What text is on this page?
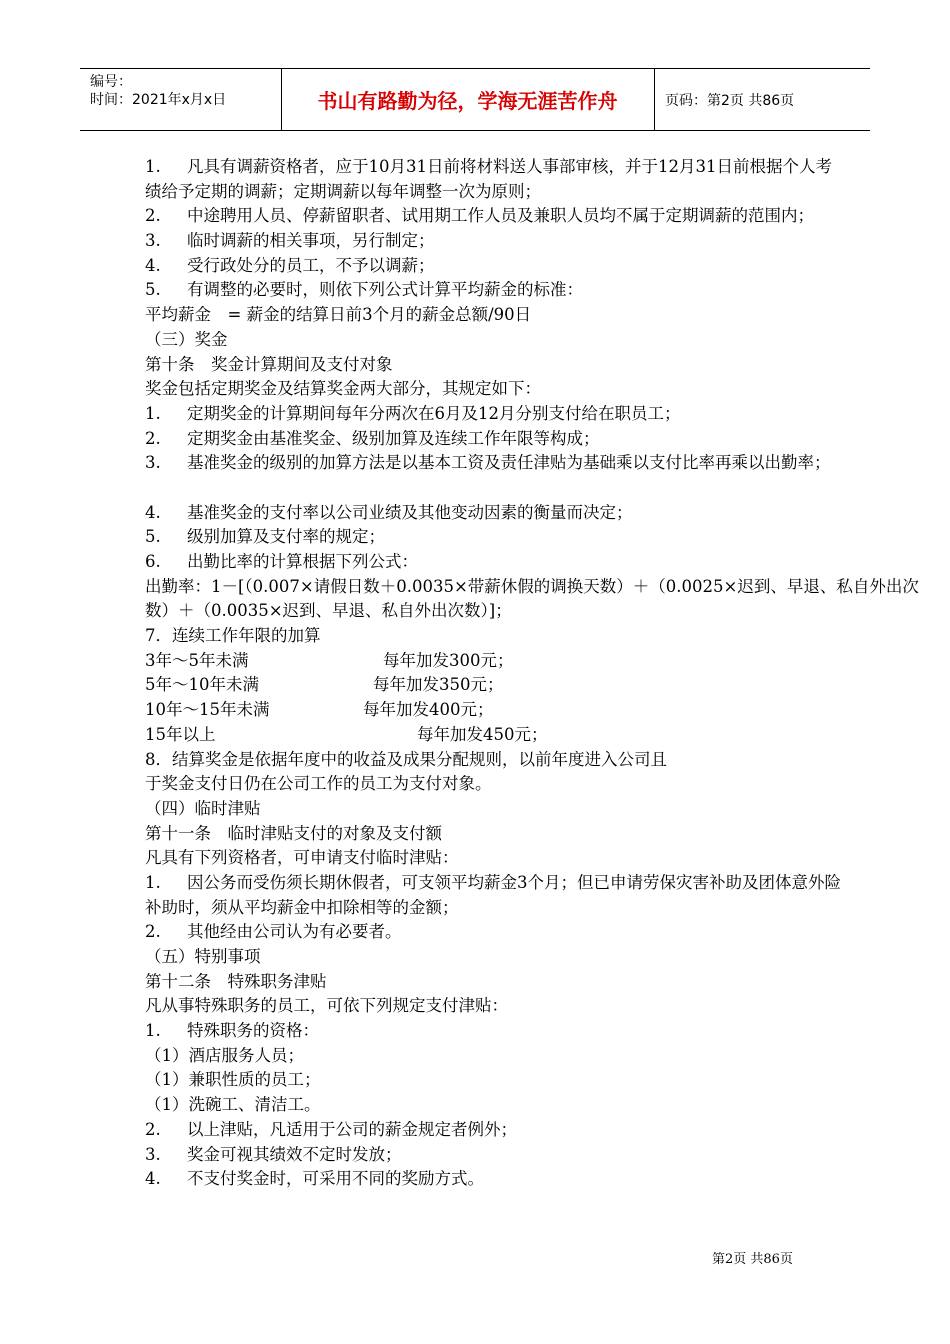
编号：
时间：2021年x月x日	书山有路勤为径，学海无涯苦作舟	页码：第2页 共86页
1. 凡具有调薪资格者，应于10月31日前将材料送人事部审核，并于12月31日前根据个人考
绩给予定期的调薪；定期调薪以每年调整一次为原则；
2. 中途聘用人员、停薪留职者、试用期工作人员及兼职人员均不属于定期调薪的范围内；
3. 临时调薪的相关事项，另行制定；
4. 受行政处分的员工，不予以调薪；
5. 有调整的必要时，则依下列公式计算平均薪金的标准：
平均薪金　= 薪金的结算日前3个月的薪金总额/90日
（三）奖金
第十条　奖金计算期间及支付对象
奖金包括定期奖金及结算奖金两大部分，其规定如下：
1. 定期奖金的计算期间每年分两次在6月及12月分别支付给在职员工；
2. 定期奖金由基准奖金、级别加算及连续工作年限等构成；
3. 基准奖金的级别的加算方法是以基本工资及责任津贴为基础乘以支付比率再乘以出勤率；
4. 基准奖金的支付率以公司业绩及其他变动因素的衡量而决定；
5. 级别加算及支付率的规定；
6. 出勤比率的计算根据下列公式：
出勤率：1－[（0.007×请假日数＋0.0035×带薪休假的调换天数）＋（0.0025×迟到、早退、私自外出次
数）＋（0.0035×迟到、早退、私自外出次数）]；
7．连续工作年限的加算
3年～5年未满	每年加发300元；
5年～10年未满	每年加发350元；
10年～15年未满	每年加发400元；
15年以上	每年加发450元；
8．结算奖金是依据年度中的收益及成果分配规则，以前年度进入公司且
于奖金支付日仍在公司工作的员工为支付对象。
（四）临时津贴
第十一条　临时津贴支付的对象及支付额
凡具有下列资格者，可申请支付临时津贴：
1. 因公务而受伤须长期休假者，可支领平均薪金3个月；但已申请劳保灾害补助及团体意外险
补助时，须从平均薪金中扣除相等的金额；
2. 其他经由公司认为有必要者。
（五）特别事项
第十二条　特殊职务津贴
凡从事特殊职务的员工，可依下列规定支付津贴：
1. 特殊职务的资格：
（1）酒店服务人员；
（1）兼职性质的员工；
（1）洗碗工、清洁工。
2. 以上津贴，凡适用于公司的薪金规定者例外；
3. 奖金可视其绩效不定时发放；
4. 不支付奖金时，可采用不同的奖励方式。
第2页 共86页
